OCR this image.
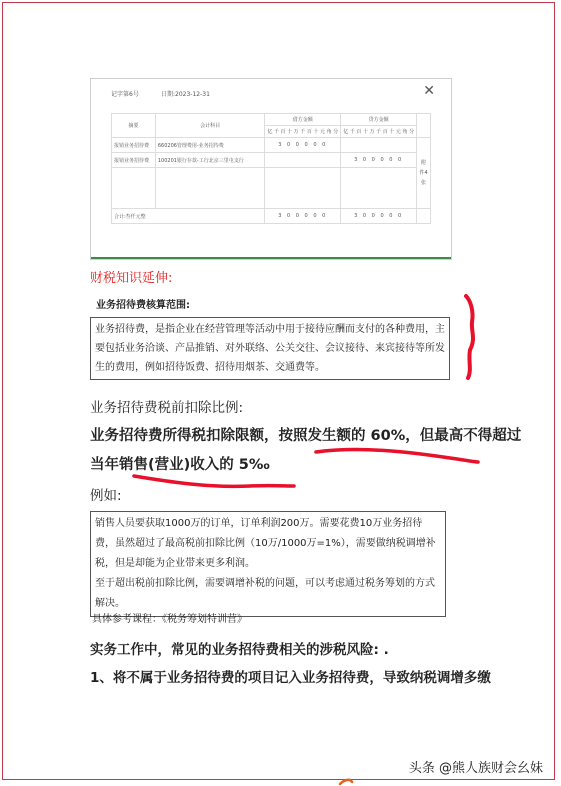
记字第6号	日期:2023-12-31	✕
摘要	会计科目	借方金额	贷方金额	
		亿 千 百 十 万 千 百 十 元 角 分	亿 千 百 十 万 千 百 十 元 角 分	
报销业务招待费	660206管理费用-业务招待费	3 0 0 0 0 0		附件4张
报销业务招待费	100201银行存款-工行北京三里屯支行		3 0 0 0 0 0	

合计:叁仟元整		3 0 0 0 0 0	3 0 0 0 0 0	
财税知识延伸:
业务招待费核算范围:
业务招待费，是指企业在经营管理等活动中用于接待应酬而支付的各种费用，主要包括业务洽谈、产品推销、对外联络、公关交往、会议接待、来宾接待等所发生的费用，例如招待饭费、招待用烟茶、交通费等。
业务招待费税前扣除比例:
业务招待费所得税扣除限额，按照发生额的 60%，但最高不得超过
当年销售(营业)收入的 5‰
例如:
销售人员要获取1000万的订单，订单利润200万。需要花费10万业务招待费，虽然超过了最高税前扣除比例（10万/1000万=1%），需要做纳税调增补税，但是却能为企业带来更多利润。
至于超出税前扣除比例，需要调增补税的问题，可以考虑通过税务筹划的方式解决。
具体参考课程：《税务筹划特训营》
实务工作中，常见的业务招待费相关的涉税风险: .
1、将不属于业务招待费的项目记入业务招待费，导致纳税调增多缴
头条 @熊人族财会幺妹
